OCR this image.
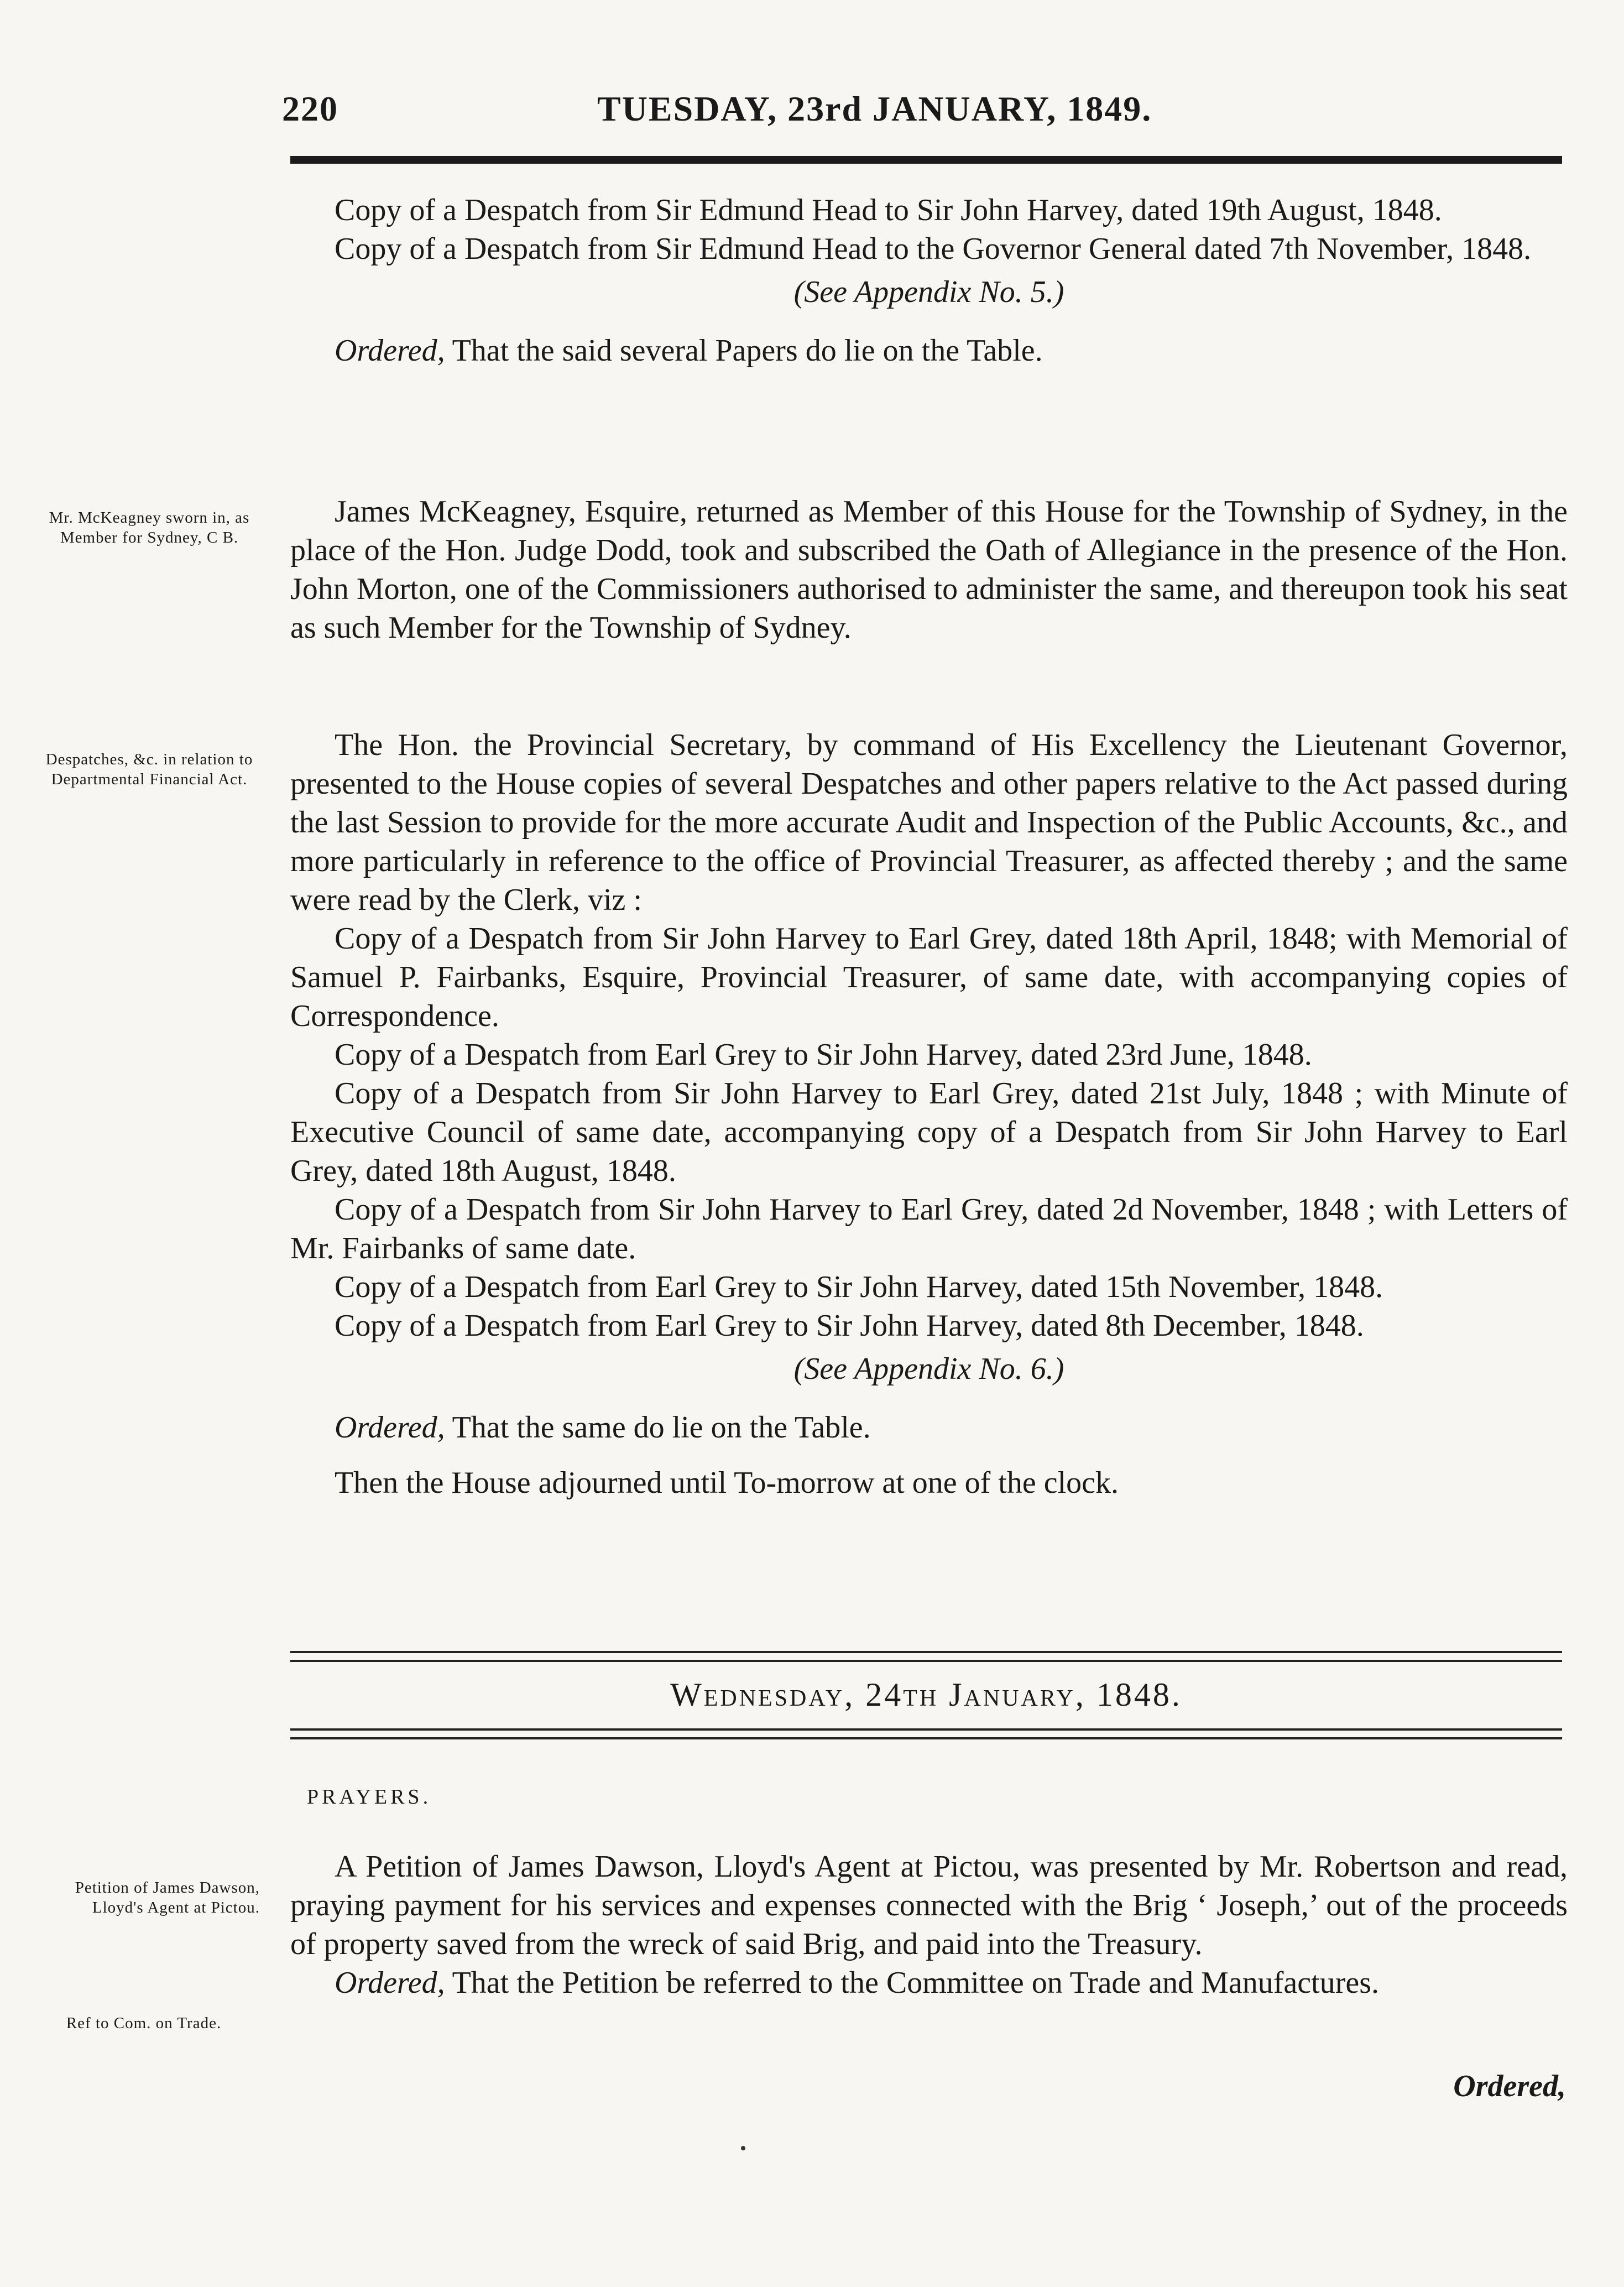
220	TUESDAY, 23rd JANUARY, 1849.

Copy of a Despatch from Sir Edmund Head to Sir John Harvey, dated 19th August, 1848.

Copy of a Despatch from Sir Edmund Head to the Governor General dated 7th November, 1848.

(See Appendix No. 5.)

Ordered, That the said several Papers do lie on the Table.

Mr. McKeagney sworn in, as Member for Sydney, C B.

James McKeagney, Esquire, returned as Member of this House for the Township of Sydney, in the place of the Hon. Judge Dodd, took and subscribed the Oath of Allegiance in the presence of the Hon. John Morton, one of the Commissioners authorised to administer the same, and thereupon took his seat as such Member for the Township of Sydney.

Despatches, &c. in relation to Departmental Financial Act.

The Hon. the Provincial Secretary, by command of His Excellency the Lieutenant Governor, presented to the House copies of several Despatches and other papers relative to the Act passed during the last Session to provide for the more accurate Audit and Inspection of the Public Accounts, &c., and more particularly in reference to the office of Provincial Treasurer, as affected thereby ; and the same were read by the Clerk, viz :

Copy of a Despatch from Sir John Harvey to Earl Grey, dated 18th April, 1848; with Memorial of Samuel P. Fairbanks, Esquire, Provincial Treasurer, of same date, with accompanying copies of Correspondence.

Copy of a Despatch from Earl Grey to Sir John Harvey, dated 23rd June, 1848.

Copy of a Despatch from Sir John Harvey to Earl Grey, dated 21st July, 1848 ; with Minute of Executive Council of same date, accompanying copy of a Despatch from Sir John Harvey to Earl Grey, dated 18th August, 1848.

Copy of a Despatch from Sir John Harvey to Earl Grey, dated 2d November, 1848 ; with Letters of Mr. Fairbanks of same date.

Copy of a Despatch from Earl Grey to Sir John Harvey, dated 15th November, 1848.

Copy of a Despatch from Earl Grey to Sir John Harvey, dated 8th December, 1848.

(See Appendix No. 6.)

Ordered, That the same do lie on the Table.

Then the House adjourned until To-morrow at one of the clock.

Wednesday, 24th January, 1848.
PRAYERS.
Petition of James Dawson, Lloyd's Agent at Pictou.
Ref to Com. on Trade.

A Petition of James Dawson, Lloyd's Agent at Pictou, was presented by Mr. Robertson and read, praying payment for his services and expenses connected with the Brig ‘ Joseph,’ out of the proceeds of property saved from the wreck of said Brig, and paid into the Treasury.

Ordered, That the Petition be referred to the Committee on Trade and Manufactures.

Ordered,
